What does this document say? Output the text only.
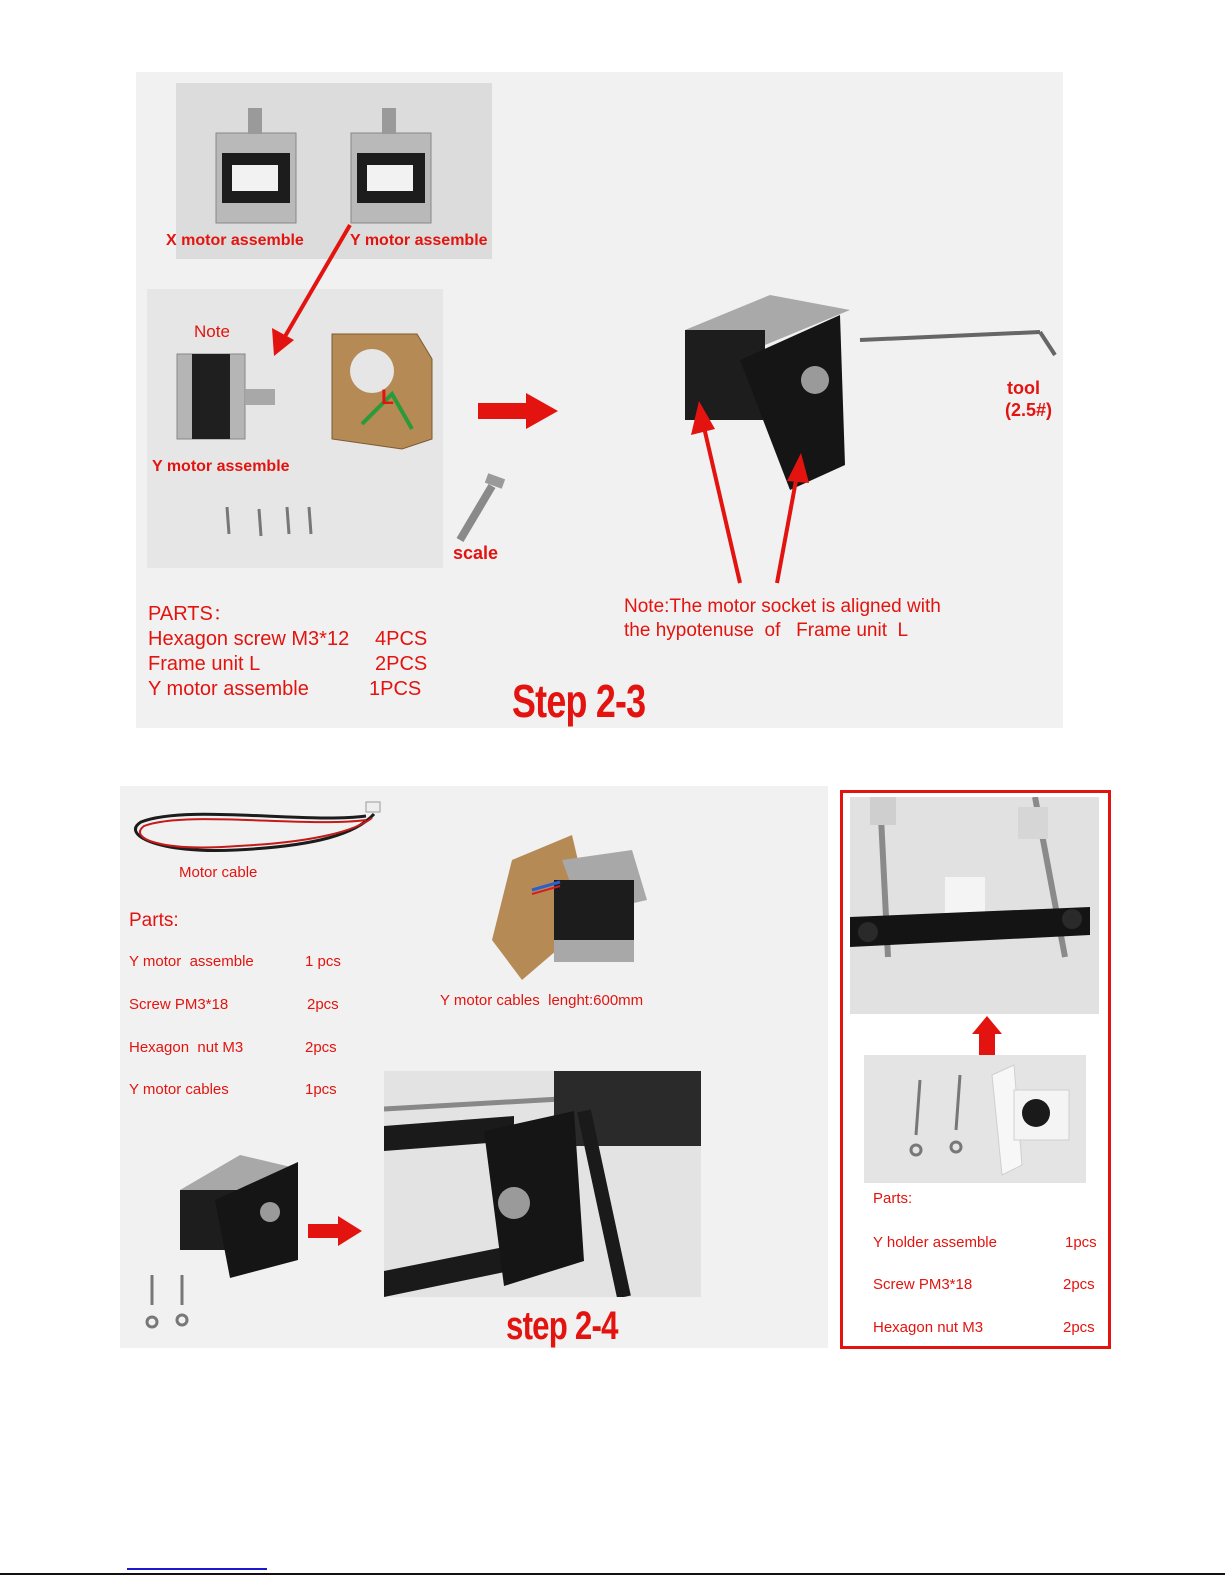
X motor assemble	Y motor assemble
Note
L
Y motor assemble
scale
tool
(2.5#)
Note:The motor socket is aligned with
the hypotenuse  of   Frame unit  L
PARTS：
Hexagon screw M3*12 4PCS
Frame unit L	2PCS
Y motor assemble	1PCS Step 2-3
Motor cable
Parts:
Y motor  assemble	1 pcs
Screw PM3*18	2pcs
Hexagon  nut M3	2pcs
Y motor cables	1pcs
Y motor cables  lenght:600mm
step 2-4
Parts:
Y holder assemble	1pcs
Screw PM3*18	2pcs
Hexagon nut M3	2pcs
